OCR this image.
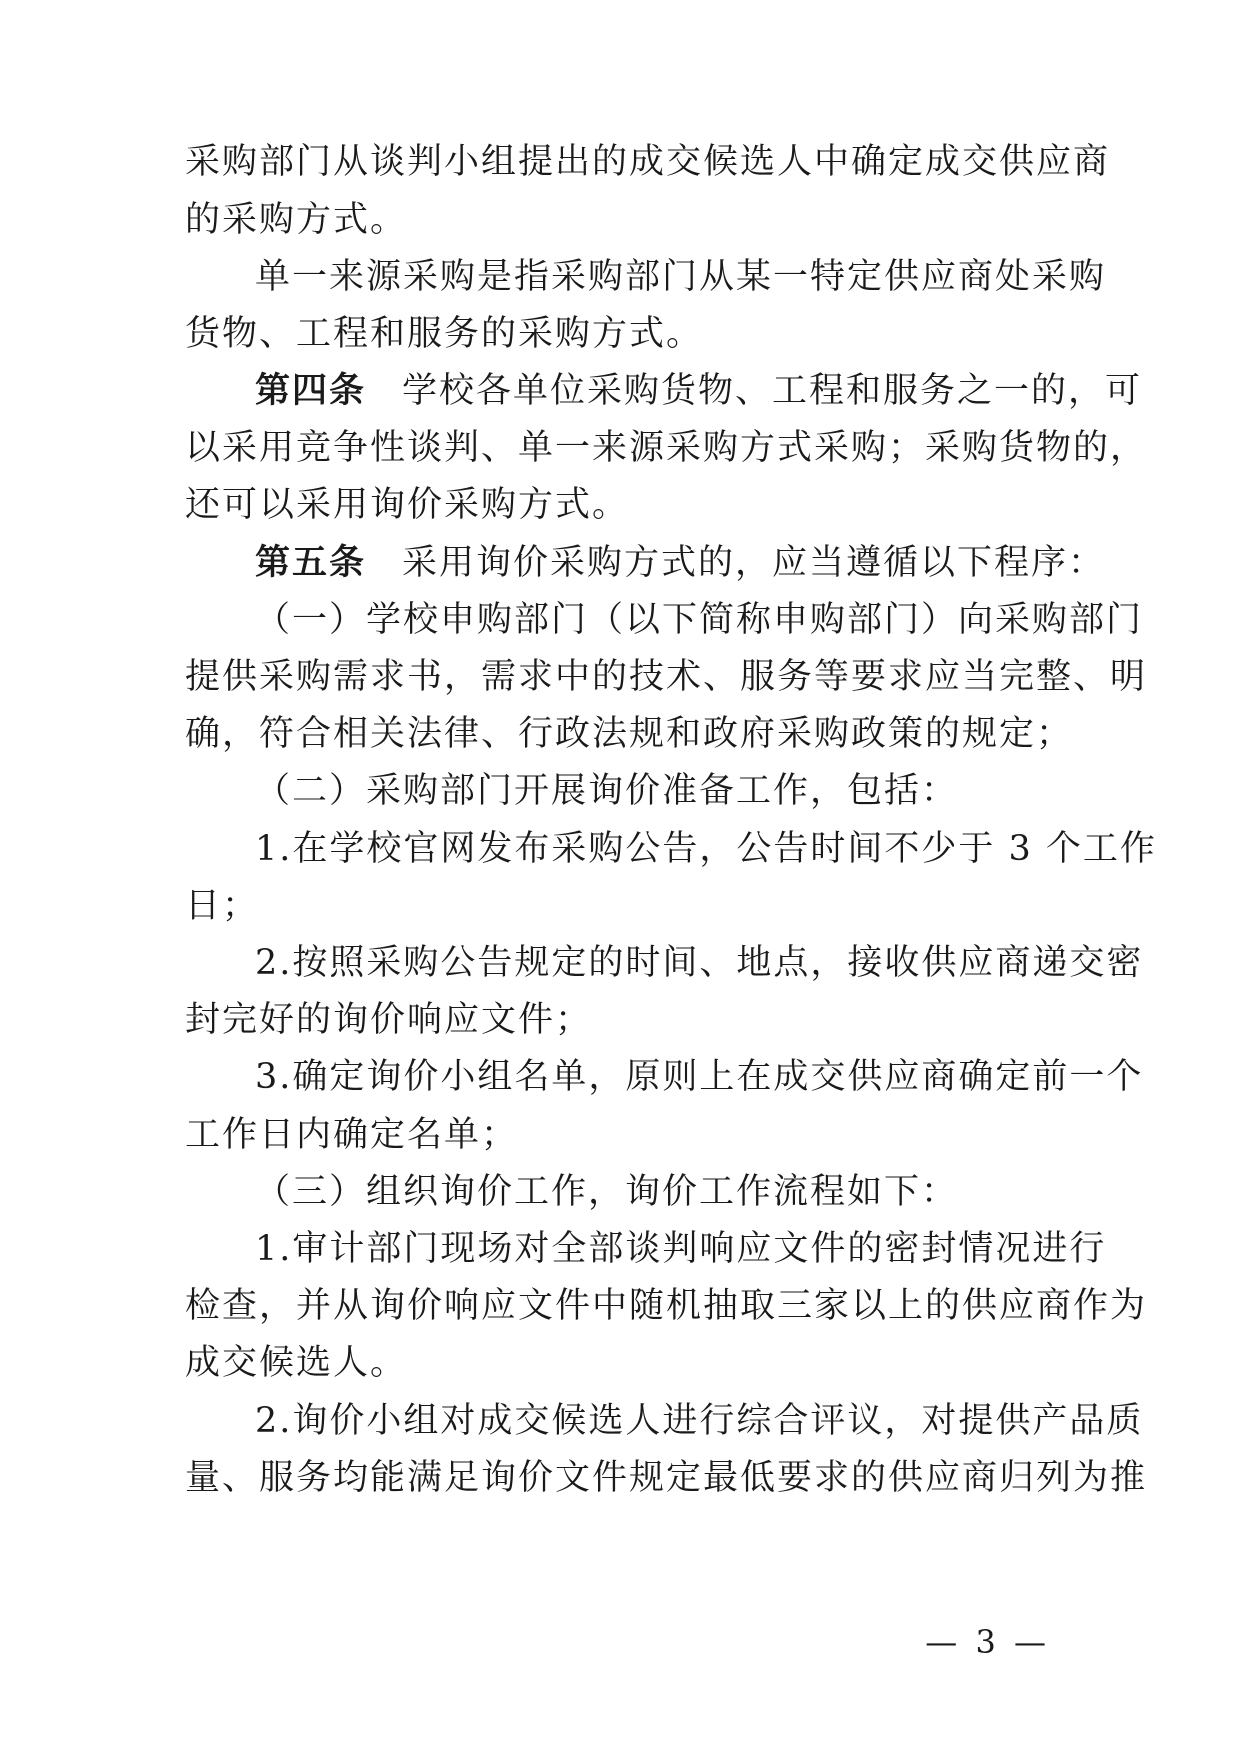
采购部门从谈判小组提出的成交候选人中确定成交供应商
的采购方式。
单一来源采购是指采购部门从某一特定供应商处采购
货物、工程和服务的采购方式。
第四条 学校各单位采购货物、工程和服务之一的，可
以采用竞争性谈判、单一来源采购方式采购；采购货物的，
还可以采用询价采购方式。
第五条 采用询价采购方式的，应当遵循以下程序：
（一）学校申购部门（以下简称申购部门）向采购部门
提供采购需求书，需求中的技术、服务等要求应当完整、明
确，符合相关法律、行政法规和政府采购政策的规定；
（二）采购部门开展询价准备工作，包括：
1.在学校官网发布采购公告，公告时间不少于 3 个工作
日；
2.按照采购公告规定的时间、地点，接收供应商递交密
封完好的询价响应文件；
3.确定询价小组名单，原则上在成交供应商确定前一个
工作日内确定名单；
（三）组织询价工作，询价工作流程如下：
1.审计部门现场对全部谈判响应文件的密封情况进行
检查，并从询价响应文件中随机抽取三家以上的供应商作为
成交候选人。
2.询价小组对成交候选人进行综合评议，对提供产品质
量、服务均能满足询价文件规定最低要求的供应商归列为推
— 3 —
